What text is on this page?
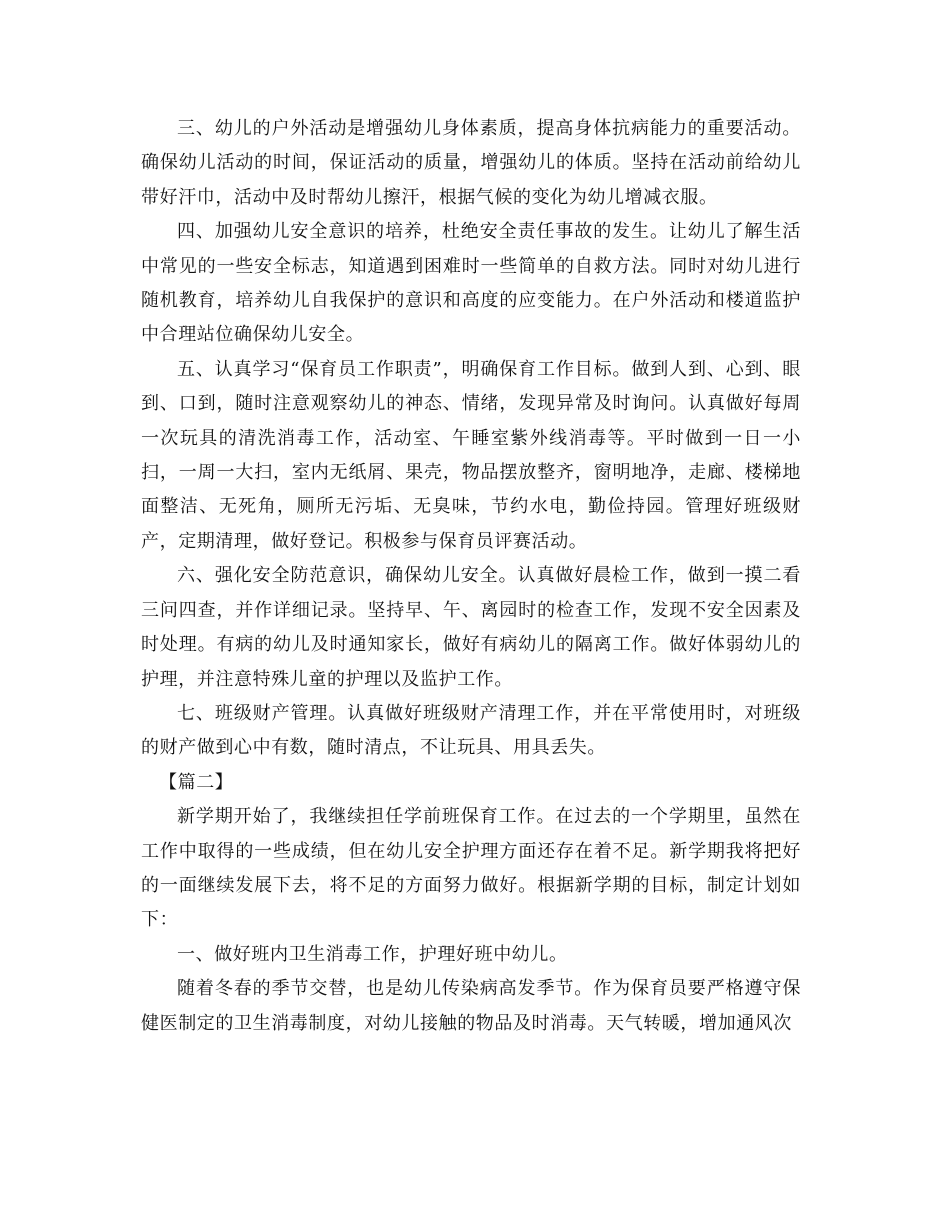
三、幼儿的户外活动是增强幼儿身体素质，提高身体抗病能力的重要活动。确保幼儿活动的时间，保证活动的质量，增强幼儿的体质。坚持在活动前给幼儿带好汗巾，活动中及时帮幼儿擦汗，根据气候的变化为幼儿增减衣服。

四、加强幼儿安全意识的培养，杜绝安全责任事故的发生。让幼儿了解生活中常见的一些安全标志，知道遇到困难时一些简单的自救方法。同时对幼儿进行随机教育，培养幼儿自我保护的意识和高度的应变能力。在户外活动和楼道监护中合理站位确保幼儿安全。

五、认真学习“保育员工作职责”，明确保育工作目标。做到人到、心到、眼到、口到，随时注意观察幼儿的神态、情绪，发现异常及时询问。认真做好每周一次玩具的清洗消毒工作，活动室、午睡室紫外线消毒等。平时做到一日一小扫，一周一大扫，室内无纸屑、果壳，物品摆放整齐，窗明地净，走廊、楼梯地面整洁、无死角，厕所无污垢、无臭味，节约水电，勤俭持园。管理好班级财产，定期清理，做好登记。积极参与保育员评赛活动。

六、强化安全防范意识，确保幼儿安全。认真做好晨检工作，做到一摸二看三问四查，并作详细记录。坚持早、午、离园时的检查工作，发现不安全因素及时处理。有病的幼儿及时通知家长，做好有病幼儿的隔离工作。做好体弱幼儿的护理，并注意特殊儿童的护理以及监护工作。

七、班级财产管理。认真做好班级财产清理工作，并在平常使用时，对班级的财产做到心中有数，随时清点，不让玩具、用具丢失。

【篇二】

新学期开始了，我继续担任学前班保育工作。在过去的一个学期里，虽然在工作中取得的一些成绩，但在幼儿安全护理方面还存在着不足。新学期我将把好的一面继续发展下去，将不足的方面努力做好。根据新学期的目标，制定计划如下：

一、做好班内卫生消毒工作，护理好班中幼儿。

随着冬春的季节交替，也是幼儿传染病高发季节。作为保育员要严格遵守保健医制定的卫生消毒制度，对幼儿接触的物品及时消毒。天气转暖，增加通风次
